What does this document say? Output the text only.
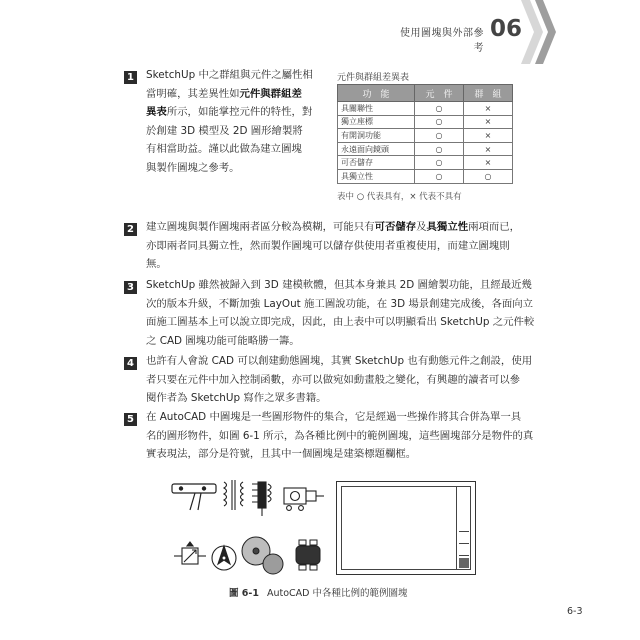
使用圖塊與外部參考
06
1 SketchUp 中之群組與元件之屬性相
當明確，其差異性如元件與群組差
異表所示，如能掌控元件的特性，對
於創建 3D 模型及 2D 圖形繪製將
有相當助益。謹以此做為建立圖塊
與製作圖塊之參考。
元件與群組差異表
功　能	元　件	群　組
具關聯性	○	×
獨立座標	○	×
有開洞功能	○	×
永遠面向鏡頭	○	×
可否儲存	○	×
具獨立性	○	○
表中 ○ 代表具有，× 代表不具有
2 建立圖塊與製作圖塊兩者區分較為模糊，可能只有可否儲存及具獨立性兩項而已，
亦即兩者同具獨立性，然而製作圖塊可以儲存供使用者重複使用，而建立圖塊則
無。
3 SketchUp 雖然被歸入到 3D 建模軟體，但其本身兼具 2D 圖繪製功能，且經最近幾
次的版本升級，不斷加強 LayOut 施工圖說功能，在 3D 場景創建完成後，各面向立
面施工圖基本上可以說立即完成，因此，由上表中可以明顯看出 SketchUp 之元件較
之 CAD 圖塊功能可能略勝一籌。
4 也許有人會說 CAD 可以創建動態圖塊，其實 SketchUp 也有動態元件之創設，使用
者只要在元件中加入控制函數，亦可以做宛如動畫般之變化，有興趣的讀者可以參
閱作者為 SketchUp 寫作之眾多書籍。
5 在 AutoCAD 中圖塊是一些圖形物件的集合，它是經過一些操作將其合併為單一具
名的圖形物件，如圖 6-1 所示，為各種比例中的範例圖塊，這些圖塊部分是物件的真
實表現法，部分是符號，且其中一個圖塊是建築標題欄框。
圖 6-1 AutoCAD 中各種比例的範例圖塊
6-3
